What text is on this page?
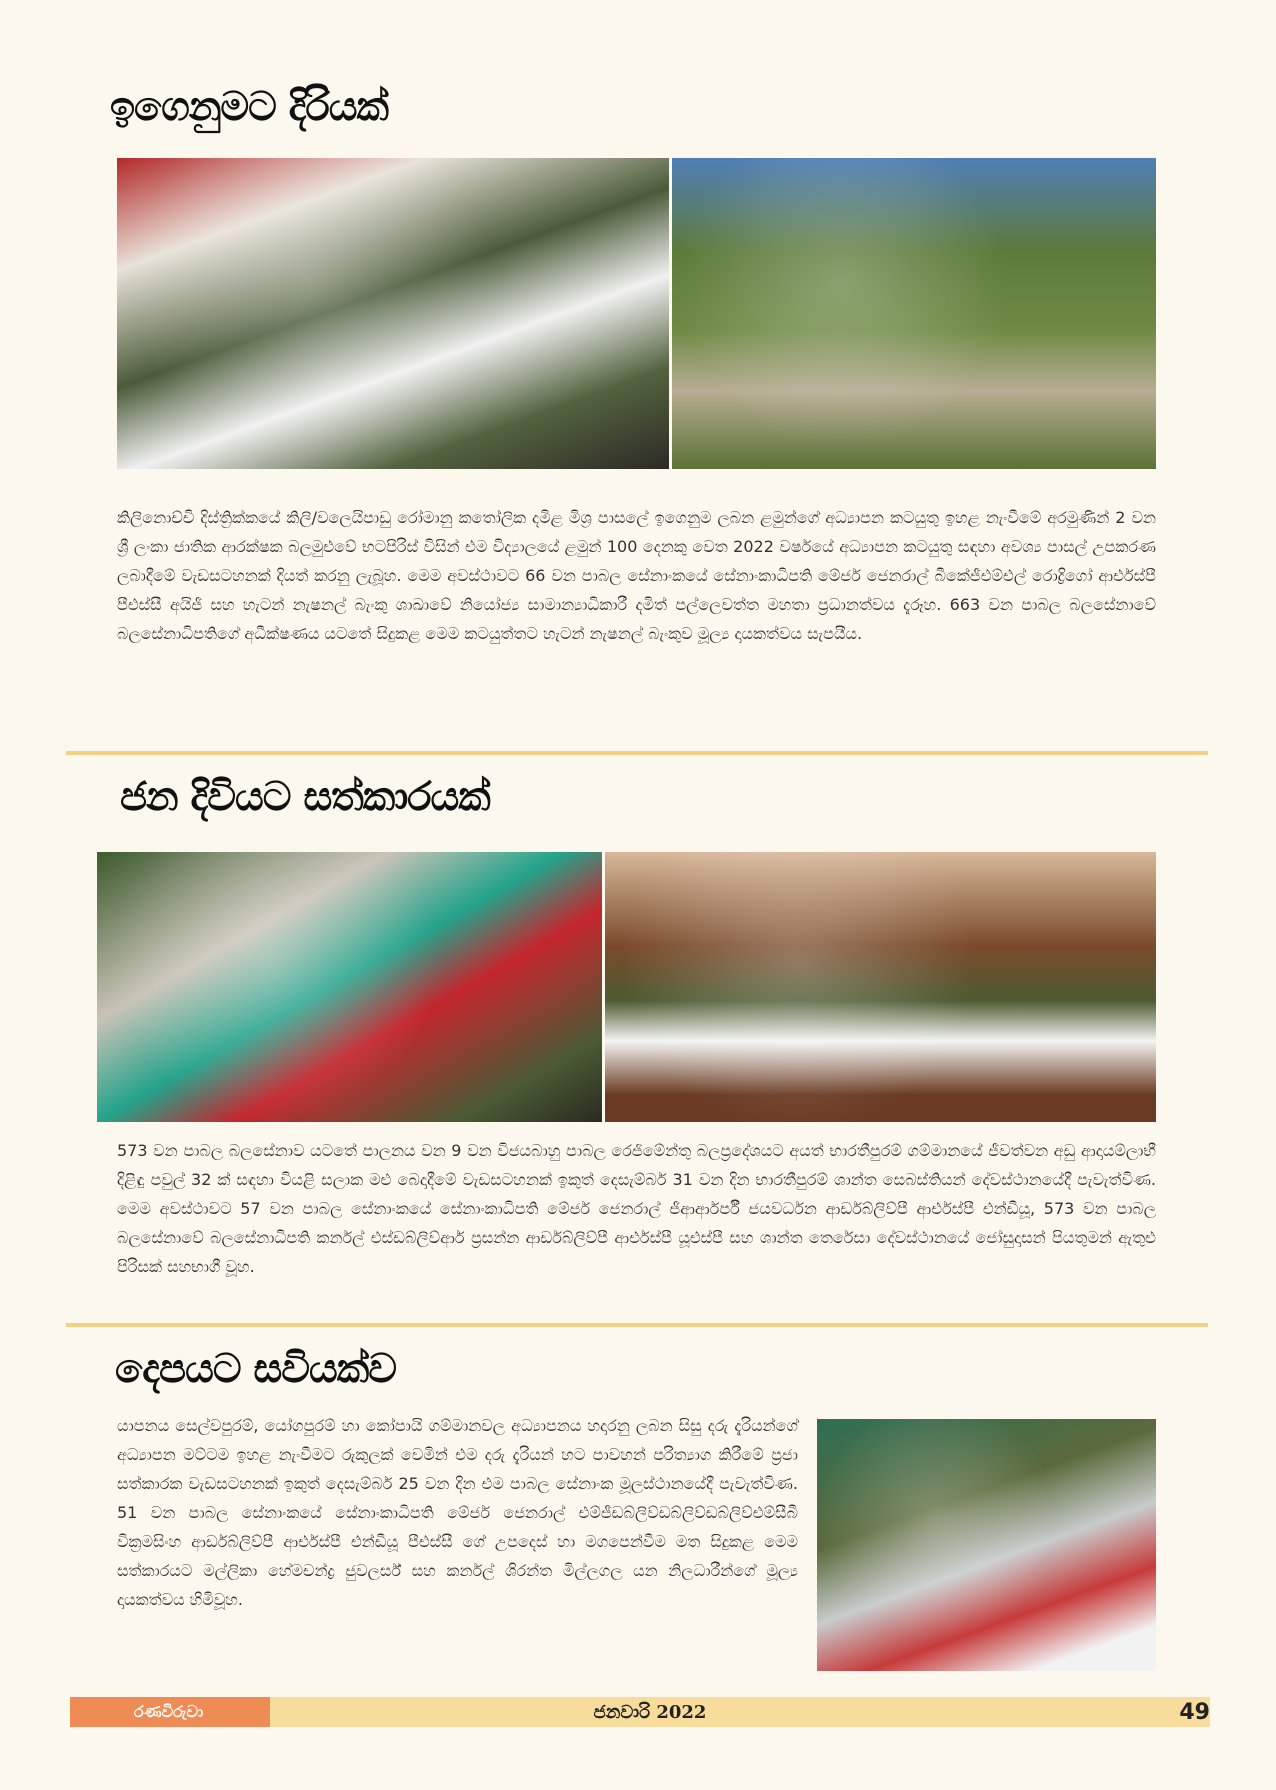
ඉගෙනුමට දිරියක්

කිලිනොච්චි දිස්ත්‍රික්කයේ කිලි/වලෙයිපාඩු රෝමානු කතෝලික දමිළ මිශ්‍ර පාසලේ ඉගෙනුම ලබන ළමුන්ගේ අධ්‍යාපන කටයුතු ඉහළ නැංවීමේ අරමුණින් 2 වන ශ්‍රී ලංකා ජාතික ආරක්ෂක බලමුළුවේ භටපිරිස් විසින් එම විද්‍යාලයේ ළමුන් 100 දෙනකු වෙත 2022 වර්ෂයේ අධ්‍යාපන කටයුතු සඳහා අවශ්‍ය පාසල් උපකරණ ලබාදීමේ වැඩසටහනක් දියත් කරනු ලැබූහ. මෙම අවස්ථාවට 66 වන පාබල සේනාංකයේ සේනාංකාධිපති මේජර් ජෙනරාල් බීකේජීඑම්එල් රොද්‍රිගෝ ආර්එස්පී පීඑස්සී අයිජී සහ හැටන් නැෂනල් බැංකු ශාඛාවේ නියෝජ්‍ය සාමාන්‍යාධිකාරී දමිත් පල්ලෙවත්ත මහතා ප්‍රධානත්වය දැරූහ. 663 වන පාබල බලසේනාවේ බලසේනාධිපතිගේ අධීක්ෂණය යටතේ සිදුකළ මෙම කටයුත්තට හැටන් නැෂනල් බැංකුව මූල්‍ය දායකත්වය සැපයීය.

ජන දිවියට සත්කාරයක්

573 වන පාබල බලසේනාව යටතේ පාලනය වන 9 වන විජයබාහු පාබල රෙජිමේන්තු බලප්‍රදේශයට අයත් භාරතීපුරම් ගම්මානයේ ජීවත්වන අඩු ආදායම්ලාභී දිළිඳු පවුල් 32 ක් සඳහා වියළි සලාක මළු බෙදාදීමේ වැඩසටහනක් ඉකුත් දෙසැම්බර් 31 වන දින භාරතීපුරම් ශාන්ත සෙබස්තියන් දේවස්ථානයේදී පැවැත්විණ. මෙම අවස්ථාවට 57 වන පාබල සේනාංකයේ සේනාංකාධිපති මේජර් ජෙනරාල් ජීආර්ආර්පී ජයවර්ධන ආර්ඩබ්ලිව්පී ආර්එස්පී එන්ඩීයූ, 573 වන පාබල බලසේනාවේ බලසේනාධිපති කර්නල් එස්ඩබ්ලිව්ආර් ප්‍රසන්න ආර්ඩබ්ලිව්පී ආර්එස්පී යූඑස්පී සහ ශාන්ත තෙරේසා දේවස්ථානයේ ජෝසුදාසන් පියතුමන් ඇතුළු පිරිසක් සහභාගී වූහ.

දෙපයට සවියක්ව

යාපනය සෙල්වපුරම්, යෝගපුරම් හා කෝපායි ගම්මානවල අධ්‍යාපනය හදාරනු ලබන සිසු දරු දැරියන්ගේ අධ්‍යාපන මට්ටම ඉහළ නැංවීමට රුකුලක් වෙමින් එම දරු දැරියන් හට පාවහන් පරිත්‍යාග කිරීමේ ප්‍රජා සත්කාරක වැඩසටහනක් ඉකුත් දෙසැම්බර් 25 වන දින එම පාබල සේනාංක මූලස්ථානයේදී පැවැත්විණ. 51 වන පාබල සේනාංකයේ සේනාංකාධිපති මේජර් ජෙනරාල් එම්ජීඩබ්ලිව්ඩබ්ලිව්ඩබ්ලිව්එම්සීබී වික්‍රමසිංහ ආර්ඩබ්ලිව්පී ආර්එස්පී එන්ඩීයූ පීඑස්සී ගේ උපදෙස් හා මගපෙන්වීම මත සිදුකළ මෙම සත්කාරයට මල්ලිකා හේමචන්ද්‍ර ජුවලර්ස් සහ කර්නල් ශිරන්ත මිල්ලගල යන නිලධාරීන්ගේ මූල්‍ය දායකත්වය හිමිවූහ.

රණවිරුවා	ජනවාරි 2022	49
